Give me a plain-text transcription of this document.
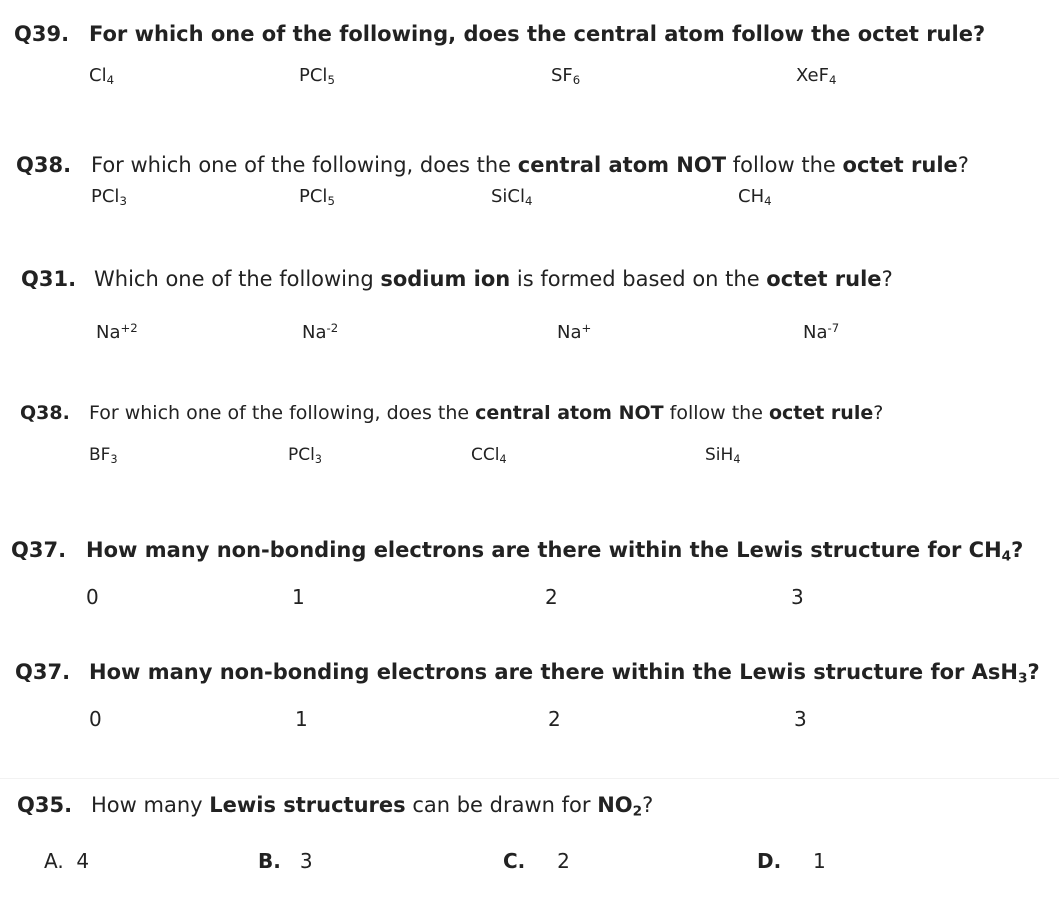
Q39. For which one of the following, does the central atom follow the octet rule?
$Cl_4$	PCl$_5$	$SF_6$	XeF$_4$
Q38. For which one of the following, does the central atom NOT follow the octet rule?
PCl$_3$	PCl$_5$	SiCl$_4$	$CH_4$
Q31. Which one of the following sodium ion is formed based on the octet rule?
$Na^{+2}$	$Na^{-2}$	Na+	$Na^{-7}$
Q38. For which one of the following, does the central atom NOT follow the octet rule?
$BF_3$	PCl$_3$	CCl$_4$	SiH$_4$
Q37. How many non-bonding electrons are there within the Lewis structure for $CH_4$?
0	1	2	3
Q37. How many non-bonding electrons are there within the Lewis structure for AsH$_3$?
0	1	2	3
Q35. How many Lewis structures can be drawn for $NO_2$?
A. 4	B. 3	C. 2	D. 1
